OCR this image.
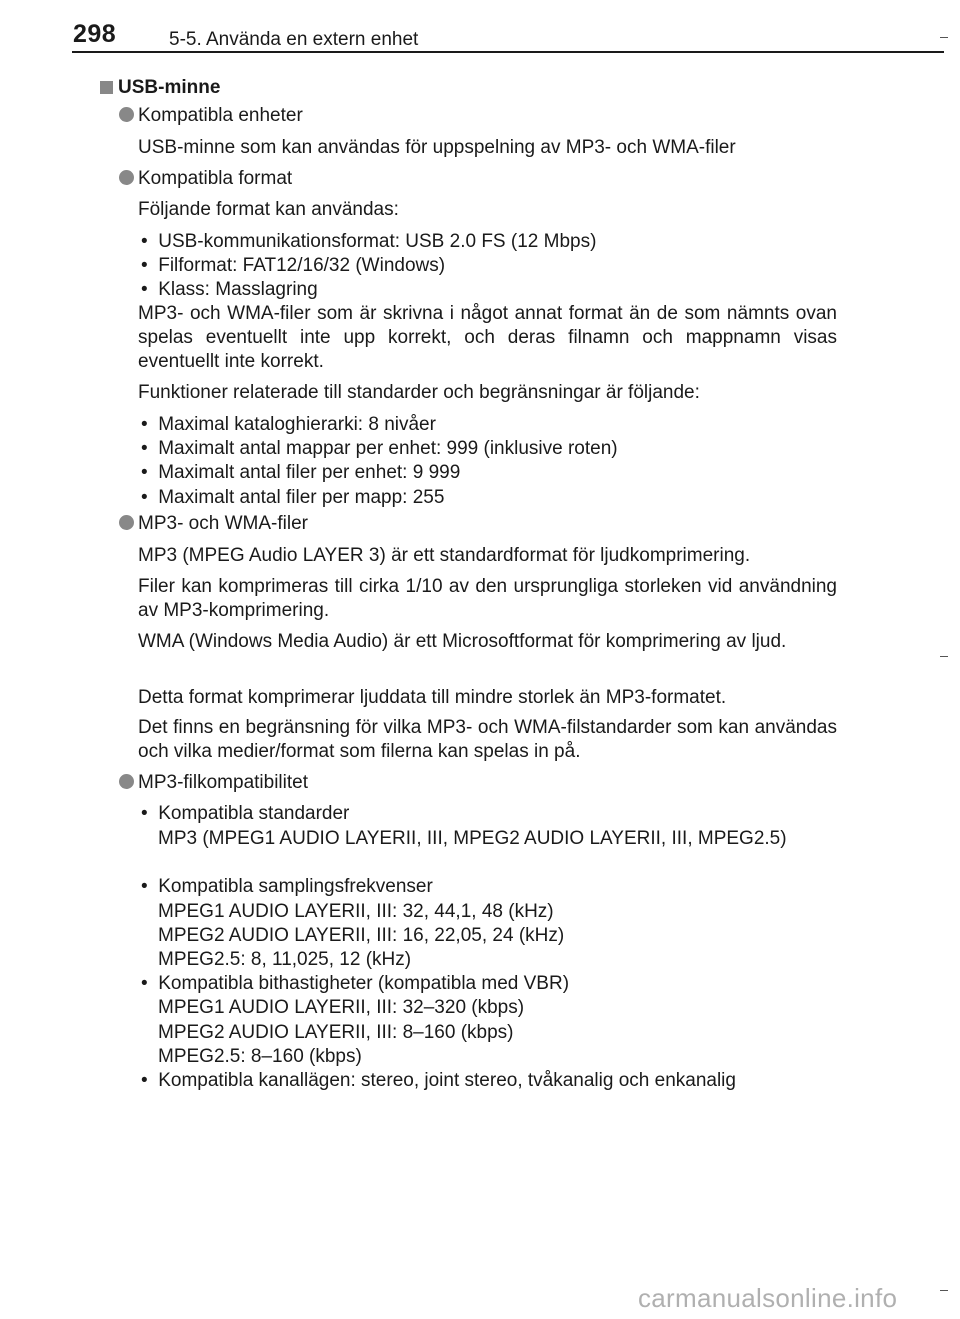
298	5-5. Använda en extern enhet
USB-minne
Kompatibla enheter
USB-minne som kan användas för uppspelning av MP3- och WMA-filer
Kompatibla format
Följande format kan användas:
•  USB-kommunikationsformat: USB 2.0 FS (12 Mbps)
•  Filformat: FAT12/16/32 (Windows)
•  Klass: Masslagring
MP3- och WMA-filer som är skrivna i något annat format än de som nämnts ovan spelas eventuellt inte upp korrekt, och deras filnamn och mappnamn visas eventuellt inte korrekt.
Funktioner relaterade till standarder och begränsningar är följande:
•  Maximal kataloghierarki: 8 nivåer
•  Maximalt antal mappar per enhet: 999 (inklusive roten)
•  Maximalt antal filer per enhet: 9 999
•  Maximalt antal filer per mapp: 255
MP3- och WMA-filer
MP3 (MPEG Audio LAYER 3) är ett standardformat för ljudkomprimering.
Filer kan komprimeras till cirka 1/10 av den ursprungliga storleken vid användning av MP3-komprimering.
WMA (Windows Media Audio) är ett Microsoftformat för komprimering av ljud.
Detta format komprimerar ljuddata till mindre storlek än MP3-formatet.
Det finns en begränsning för vilka MP3- och WMA-filstandarder som kan användas och vilka medier/format som filerna kan spelas in på.
MP3-filkompatibilitet
•  Kompatibla standarder
MP3 (MPEG1 AUDIO LAYERII, III, MPEG2 AUDIO LAYERII, III, MPEG2.5)
•  Kompatibla samplingsfrekvenser
MPEG1 AUDIO LAYERII, III: 32, 44,1, 48 (kHz)
MPEG2 AUDIO LAYERII, III: 16, 22,05, 24 (kHz)
MPEG2.5: 8, 11,025, 12 (kHz)
•  Kompatibla bithastigheter (kompatibla med VBR)
MPEG1 AUDIO LAYERII, III: 32–320 (kbps)
MPEG2 AUDIO LAYERII, III: 8–160 (kbps)
MPEG2.5: 8–160 (kbps)
•  Kompatibla kanallägen: stereo, joint stereo, tvåkanalig och enkanalig
carmanualsonline.info
